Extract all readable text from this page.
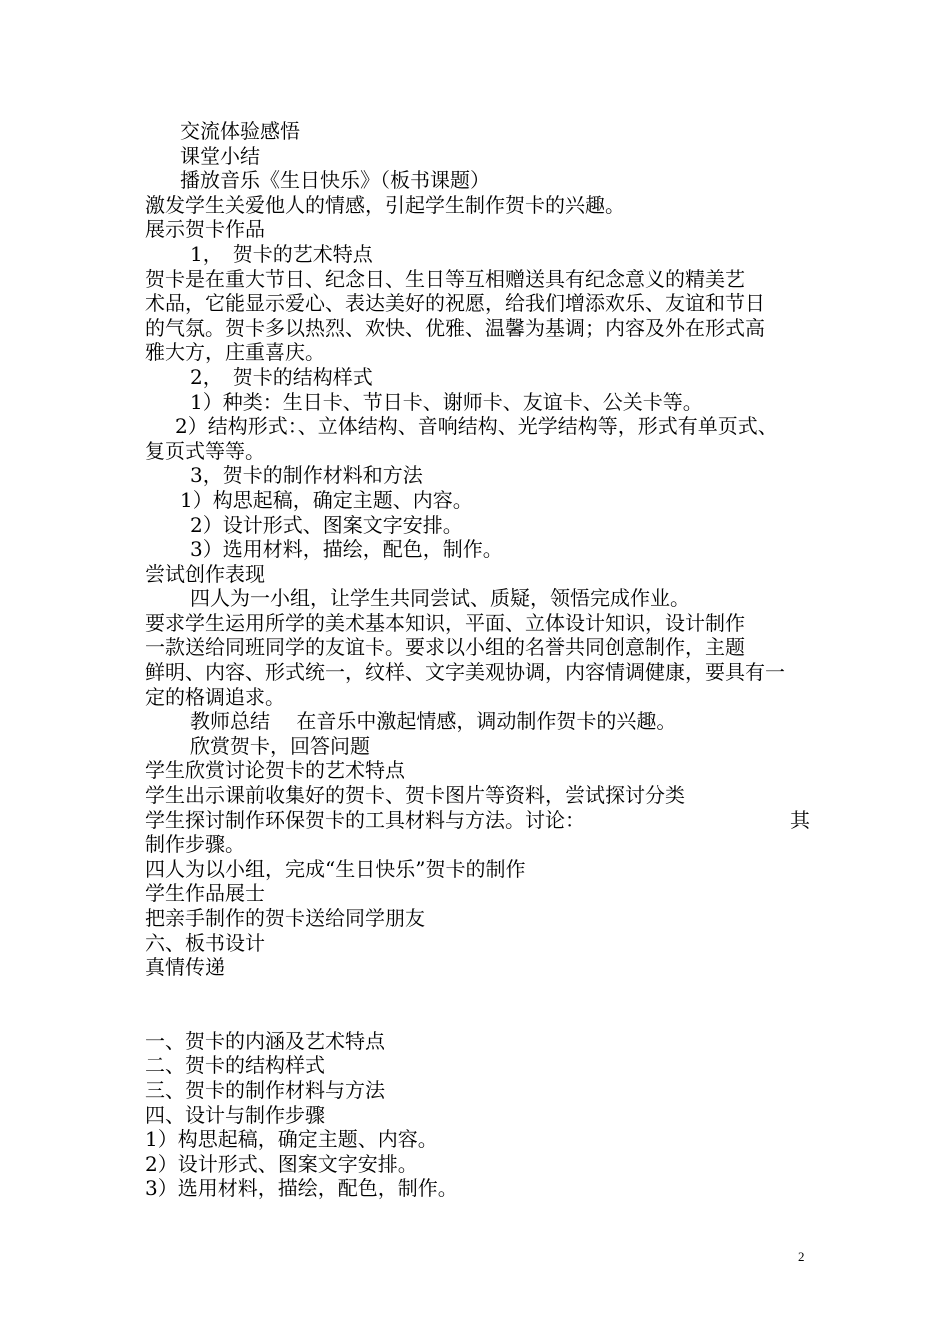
交流体验感悟
课堂小结
播放音乐《生日快乐》（板书课题）
激发学生关爱他人的情感，引起学生制作贺卡的兴趣。
展示贺卡作品
1，　贺卡的艺术特点
贺卡是在重大节日、纪念日、生日等互相赠送具有纪念意义的精美艺
术品，它能显示爱心、表达美好的祝愿，给我们增添欢乐、友谊和节日
的气氛。贺卡多以热烈、欢快、优雅、温馨为基调；内容及外在形式高
雅大方，庄重喜庆。
2，　贺卡的结构样式
1）种类：生日卡、节日卡、谢师卡、友谊卡、公关卡等。
2）结构形式：、立体结构、音响结构、光学结构等，形式有单页式、
复页式等等。
3，贺卡的制作材料和方法
1）构思起稿，确定主题、内容。
2）设计形式、图案文字安排。
3）选用材料，描绘，配色，制作。
尝试创作表现
四人为一小组，让学生共同尝试、质疑，领悟完成作业。
要求学生运用所学的美术基本知识，平面、立体设计知识，设计制作
一款送给同班同学的友谊卡。要求以小组的名誉共同创意制作，主题
鲜明、内容、形式统一，纹样、文字美观协调，内容情调健康，要具有一
定的格调追求。
教师总结　 在音乐中激起情感，调动制作贺卡的兴趣。
欣赏贺卡，回答问题
学生欣赏讨论贺卡的艺术特点
学生出示课前收集好的贺卡、贺卡图片等资料，尝试探讨分类
学生探讨制作环保贺卡的工具材料与方法。讨论：	其
制作步骤。
四人为以小组，完成“生日快乐”贺卡的制作
学生作品展士
把亲手制作的贺卡送给同学朋友
六、板书设计
真情传递
一、贺卡的内涵及艺术特点
二、贺卡的结构样式
三、贺卡的制作材料与方法
四、设计与制作步骤
1）构思起稿，确定主题、内容。
2）设计形式、图案文字安排。
3）选用材料，描绘，配色，制作。
2
